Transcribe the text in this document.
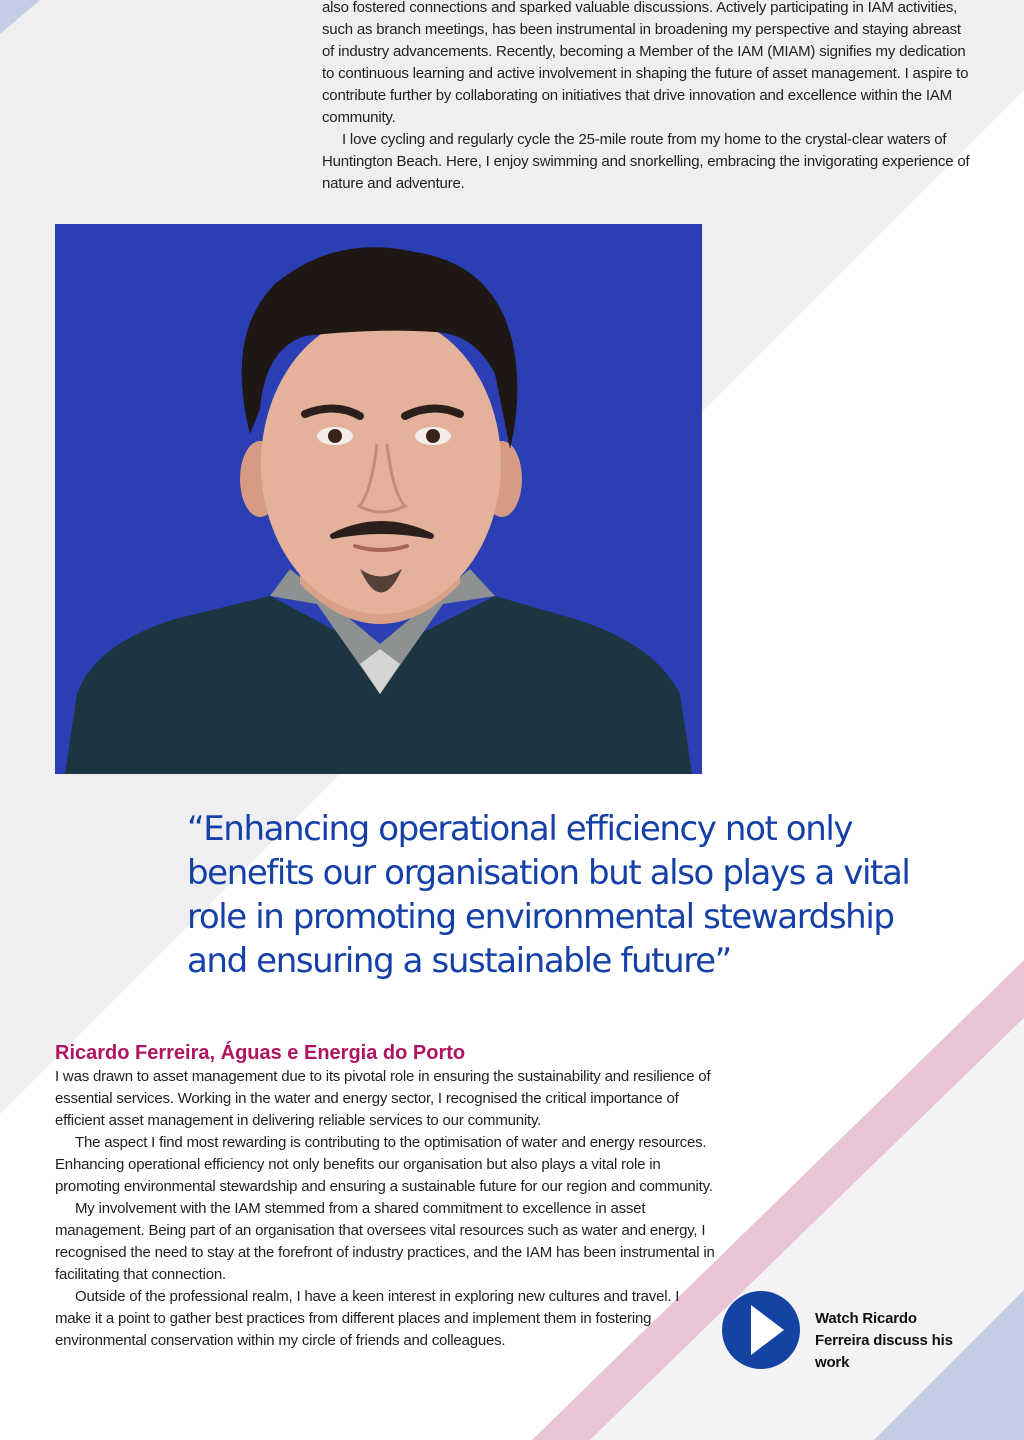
also fostered connections and sparked valuable discussions. Actively participating in IAM activities, such as branch meetings, has been instrumental in broadening my perspective and staying abreast of industry advancements. Recently, becoming a Member of the IAM (MIAM) signifies my dedication to continuous learning and active involvement in shaping the future of asset management. I aspire to contribute further by collaborating on initiatives that drive innovation and excellence within the IAM community.

I love cycling and regularly cycle the 25-mile route from my home to the crystal-clear waters of Huntington Beach. Here, I enjoy swimming and snorkelling, embracing the invigorating experience of nature and adventure.

“Enhancing operational efficiency not only benefits our organisation but also plays a vital role in promoting environmental stewardship and ensuring a sustainable future”
Ricardo Ferreira, Águas e Energia do Porto

I was drawn to asset management due to its pivotal role in ensuring the sustainability and resilience of essential services. Working in the water and energy sector, I recognised the critical importance of efficient asset management in delivering reliable services to our community.

The aspect I find most rewarding is contributing to the optimisation of water and energy resources. Enhancing operational efficiency not only benefits our organisation but also plays a vital role in promoting environmental stewardship and ensuring a sustainable future for our region and community.

My involvement with the IAM stemmed from a shared commitment to excellence in asset management. Being part of an organisation that oversees vital resources such as water and energy, I recognised the need to stay at the forefront of industry practices, and the IAM has been instrumental in facilitating that connection.

Outside of the professional realm, I have a keen interest in exploring new cultures and travel. I make it a point to gather best practices from different places and implement them in fostering environmental conservation within my circle of friends and colleagues.

Watch Ricardo Ferreira discuss his work
